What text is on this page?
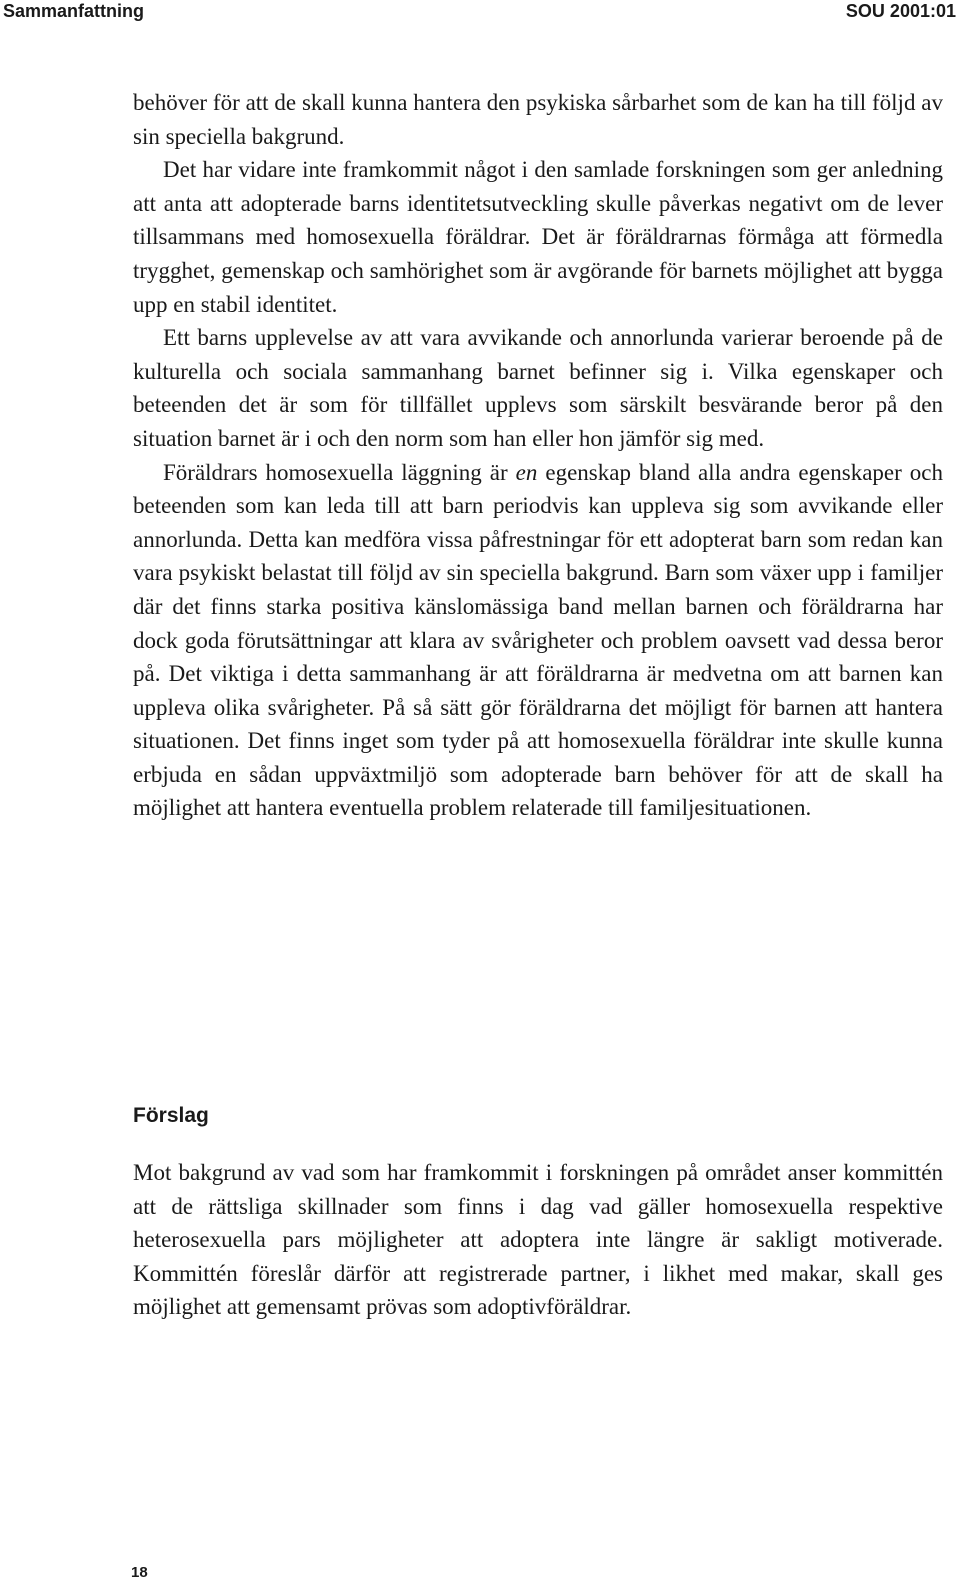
Sammanfattning	SOU 2001:01

behöver för att de skall kunna hantera den psykiska sårbarhet som de kan ha till följd av sin speciella bakgrund.

Det har vidare inte framkommit något i den samlade forskningen som ger anledning att anta att adopterade barns identitetsutveckling skulle påverkas negativt om de lever tillsammans med homosexuella föräldrar. Det är föräldrarnas förmåga att förmedla trygghet, gemenskap och samhörighet som är avgörande för barnets möjlighet att bygga upp en stabil identitet.

Ett barns upplevelse av att vara avvikande och annorlunda varierar beroende på de kulturella och sociala sammanhang barnet befinner sig i. Vilka egenskaper och beteenden det är som för tillfället upplevs som särskilt besvärande beror på den situation barnet är i och den norm som han eller hon jämför sig med.

Föräldrars homosexuella läggning är en egenskap bland alla andra egenskaper och beteenden som kan leda till att barn periodvis kan uppleva sig som avvikande eller annorlunda. Detta kan medföra vissa påfrestningar för ett adopterat barn som redan kan vara psykiskt belastat till följd av sin speciella bakgrund. Barn som växer upp i familjer där det finns starka positiva känslomässiga band mellan barnen och föräldrarna har dock goda förutsättningar att klara av svårigheter och problem oavsett vad dessa beror på. Det viktiga i detta sammanhang är att föräldrarna är medvetna om att barnen kan uppleva olika svårigheter. På så sätt gör föräldrarna det möjligt för barnen att hantera situationen. Det finns inget som tyder på att homosexuella föräldrar inte skulle kunna erbjuda en sådan uppväxtmiljö som adopterade barn behöver för att de skall ha möjlighet att hantera eventuella problem relaterade till familjesituationen.

Förslag

Mot bakgrund av vad som har framkommit i forskningen på området anser kommittén att de rättsliga skillnader som finns i dag vad gäller homosexuella respektive heterosexuella pars möjligheter att adoptera inte längre är sakligt motiverade. Kommittén föreslår därför att registrerade partner, i likhet med makar, skall ges möjlighet att gemensamt prövas som adoptivföräldrar.

18
